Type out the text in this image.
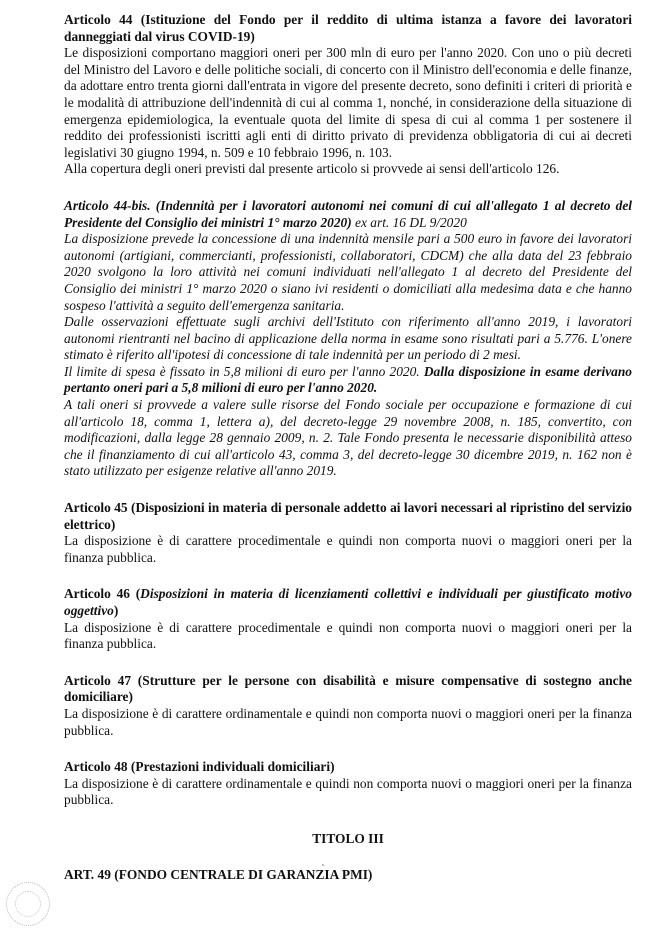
Articolo 44 (Istituzione del Fondo per il reddito di ultima istanza a favore dei lavoratori danneggiati dal virus COVID-19)

Le disposizioni comportano maggiori oneri per 300 mln di euro per l'anno 2020. Con uno o più decreti del Ministro del Lavoro e delle politiche sociali, di concerto con il Ministro dell'economia e delle finanze, da adottare entro trenta giorni dall'entrata in vigore del presente decreto, sono definiti i criteri di priorità e le modalità di attribuzione dell'indennità di cui al comma 1, nonché, in considerazione della situazione di emergenza epidemiologica, la eventuale quota del limite di spesa di cui al comma 1 per sostenere il reddito dei professionisti iscritti agli enti di diritto privato di previdenza obbligatoria di cui ai decreti legislativi 30 giugno 1994, n. 509 e 10 febbraio 1996, n. 103.

Alla copertura degli oneri previsti dal presente articolo si provvede ai sensi dell'articolo 126.

Articolo 44-bis. (Indennità per i lavoratori autonomi nei comuni di cui all'allegato 1 al decreto del Presidente del Consiglio dei ministri 1° marzo 2020) ex art. 16 DL 9/2020

La disposizione prevede la concessione di una indennità mensile pari a 500 euro in favore dei lavoratori autonomi (artigiani, commercianti, professionisti, collaboratori, CDCM) che alla data del 23 febbraio 2020 svolgono la loro attività nei comuni individuati nell'allegato 1 al decreto del Presidente del Consiglio dei ministri 1° marzo 2020 o siano ivi residenti o domiciliati alla medesima data e che hanno sospeso l'attività a seguito dell'emergenza sanitaria.

Dalle osservazioni effettuate sugli archivi dell'Istituto con riferimento all'anno 2019, i lavoratori autonomi rientranti nel bacino di applicazione della norma in esame sono risultati pari a 5.776. L'onere stimato è riferito all'ipotesi di concessione di tale indennità per un periodo di 2 mesi.

Il limite di spesa è fissato in 5,8 milioni di euro per l'anno 2020. Dalla disposizione in esame derivano pertanto oneri pari a 5,8 milioni di euro per l'anno 2020.

A tali oneri si provvede a valere sulle risorse del Fondo sociale per occupazione e formazione di cui all'articolo 18, comma 1, lettera a), del decreto-legge 29 novembre 2008, n. 185, convertito, con modificazioni, dalla legge 28 gennaio 2009, n. 2. Tale Fondo presenta le necessarie disponibilità atteso che il finanziamento di cui all'articolo 43, comma 3, del decreto-legge 30 dicembre 2019, n. 162 non è stato utilizzato per esigenze relative all'anno 2019.

Articolo 45 (Disposizioni in materia di personale addetto ai lavori necessari al ripristino del servizio elettrico)

La disposizione è di carattere procedimentale e quindi non comporta nuovi o maggiori oneri per la finanza pubblica.

Articolo 46 (Disposizioni in materia di licenziamenti collettivi e individuali per giustificato motivo oggettivo)

La disposizione è di carattere procedimentale e quindi non comporta nuovi o maggiori oneri per la finanza pubblica.

Articolo 47 (Strutture per le persone con disabilità e misure compensative di sostegno anche domiciliare)

La disposizione è di carattere ordinamentale e quindi non comporta nuovi o maggiori oneri per la finanza pubblica.

Articolo 48 (Prestazioni individuali domiciliari)

La disposizione è di carattere ordinamentale e quindi non comporta nuovi o maggiori oneri per la finanza pubblica.

TITOLO III

ART. 49 (FONDO CENTRALE DI GARANZIA PMI)
